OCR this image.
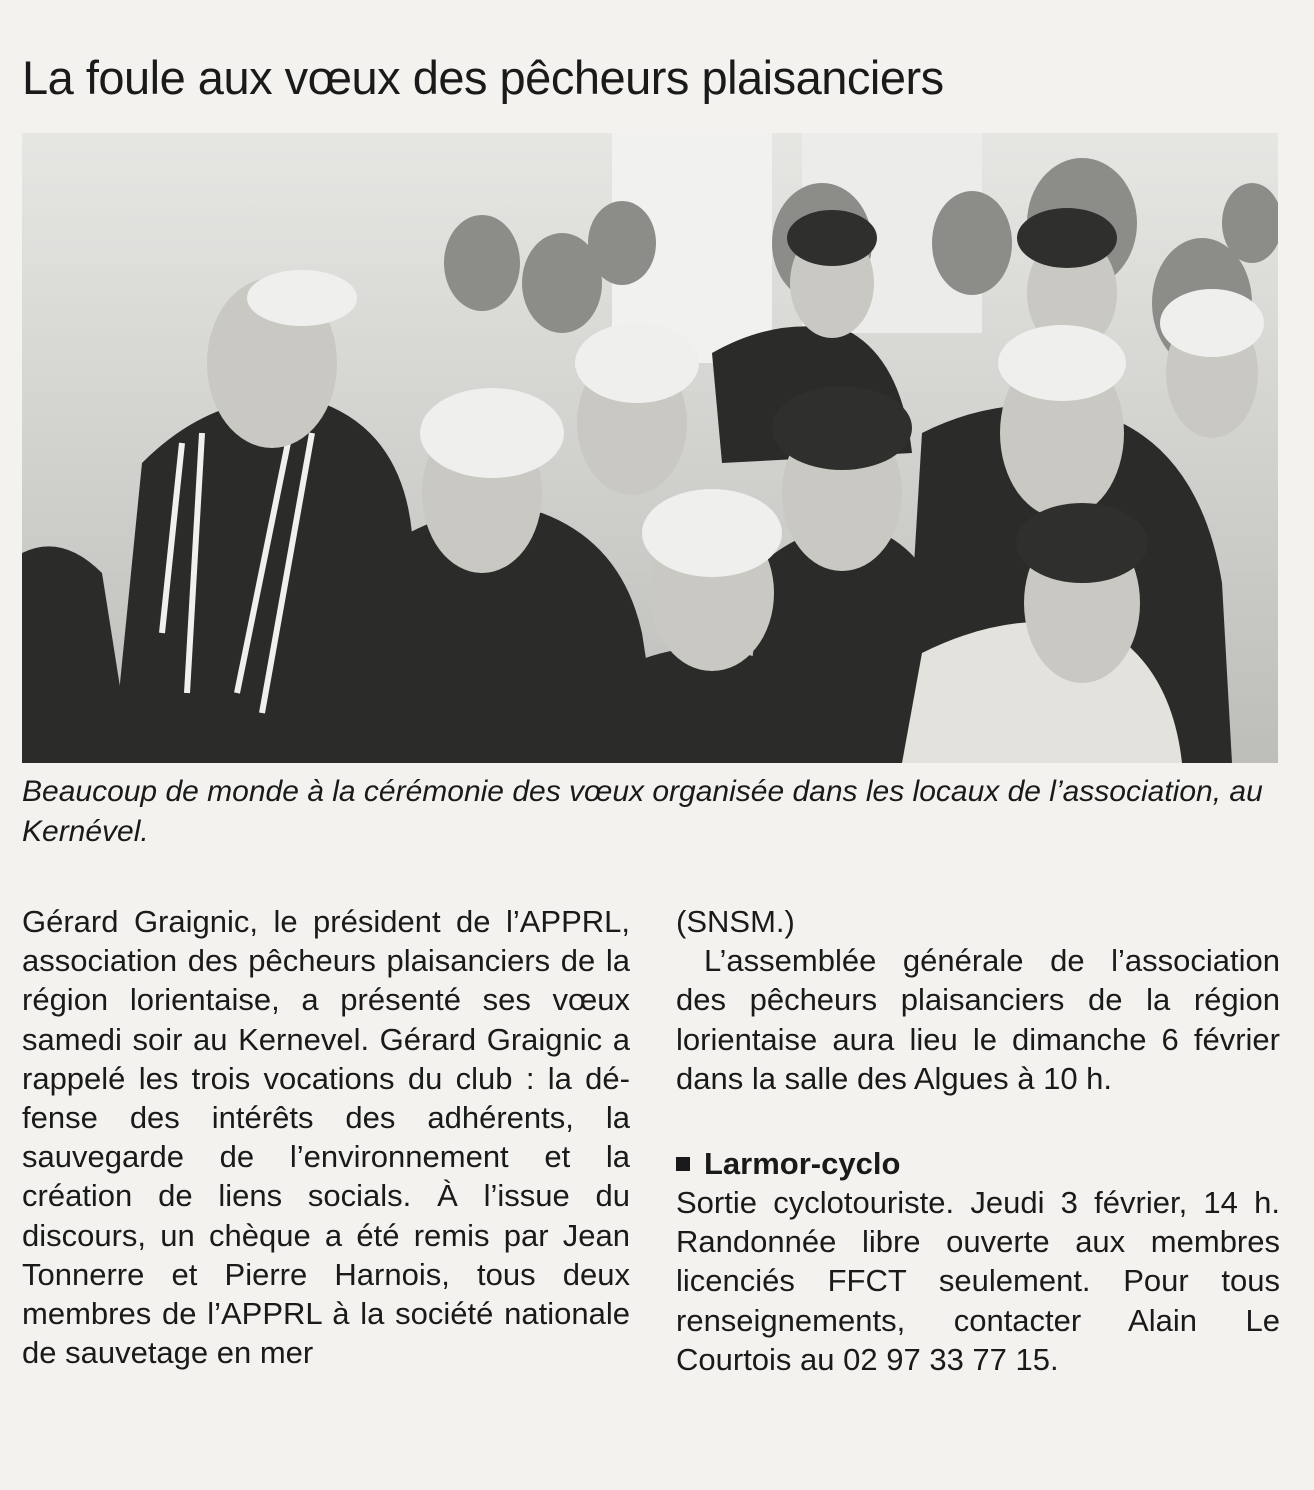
La foule aux vœux des pêcheurs plaisanciers

Beaucoup de monde à la cérémonie des vœux organisée dans les locaux de l’association, au Kernével.

Gérard Graignic, le président de l’APPRL, association des pêcheurs plaisanciers de la région lorientaise, a présenté ses vœux samedi soir au Kernevel. Gérard Graignic a rappelé les trois vocations du club : la défense des intérêts des adhérents, la sauvegarde de l’environnement et la création de liens socials. À l’issue du discours, un chèque a été remis par Jean Tonnerre et Pierre Harnois, tous deux membres de l’APPRL à la société nationale de sauvetage en mer

(SNSM.)

L’assemblée générale de l’association des pêcheurs plaisanciers de la région lorientaise aura lieu le dimanche 6 février dans la salle des Algues à 10 h.

Larmor-cyclo

Sortie cyclotouriste. Jeudi 3 février, 14 h. Randonnée libre ouverte aux membres licenciés FFCT seulement. Pour tous renseignements, contacter Alain Le Courtois au 02 97 33 77 15.
